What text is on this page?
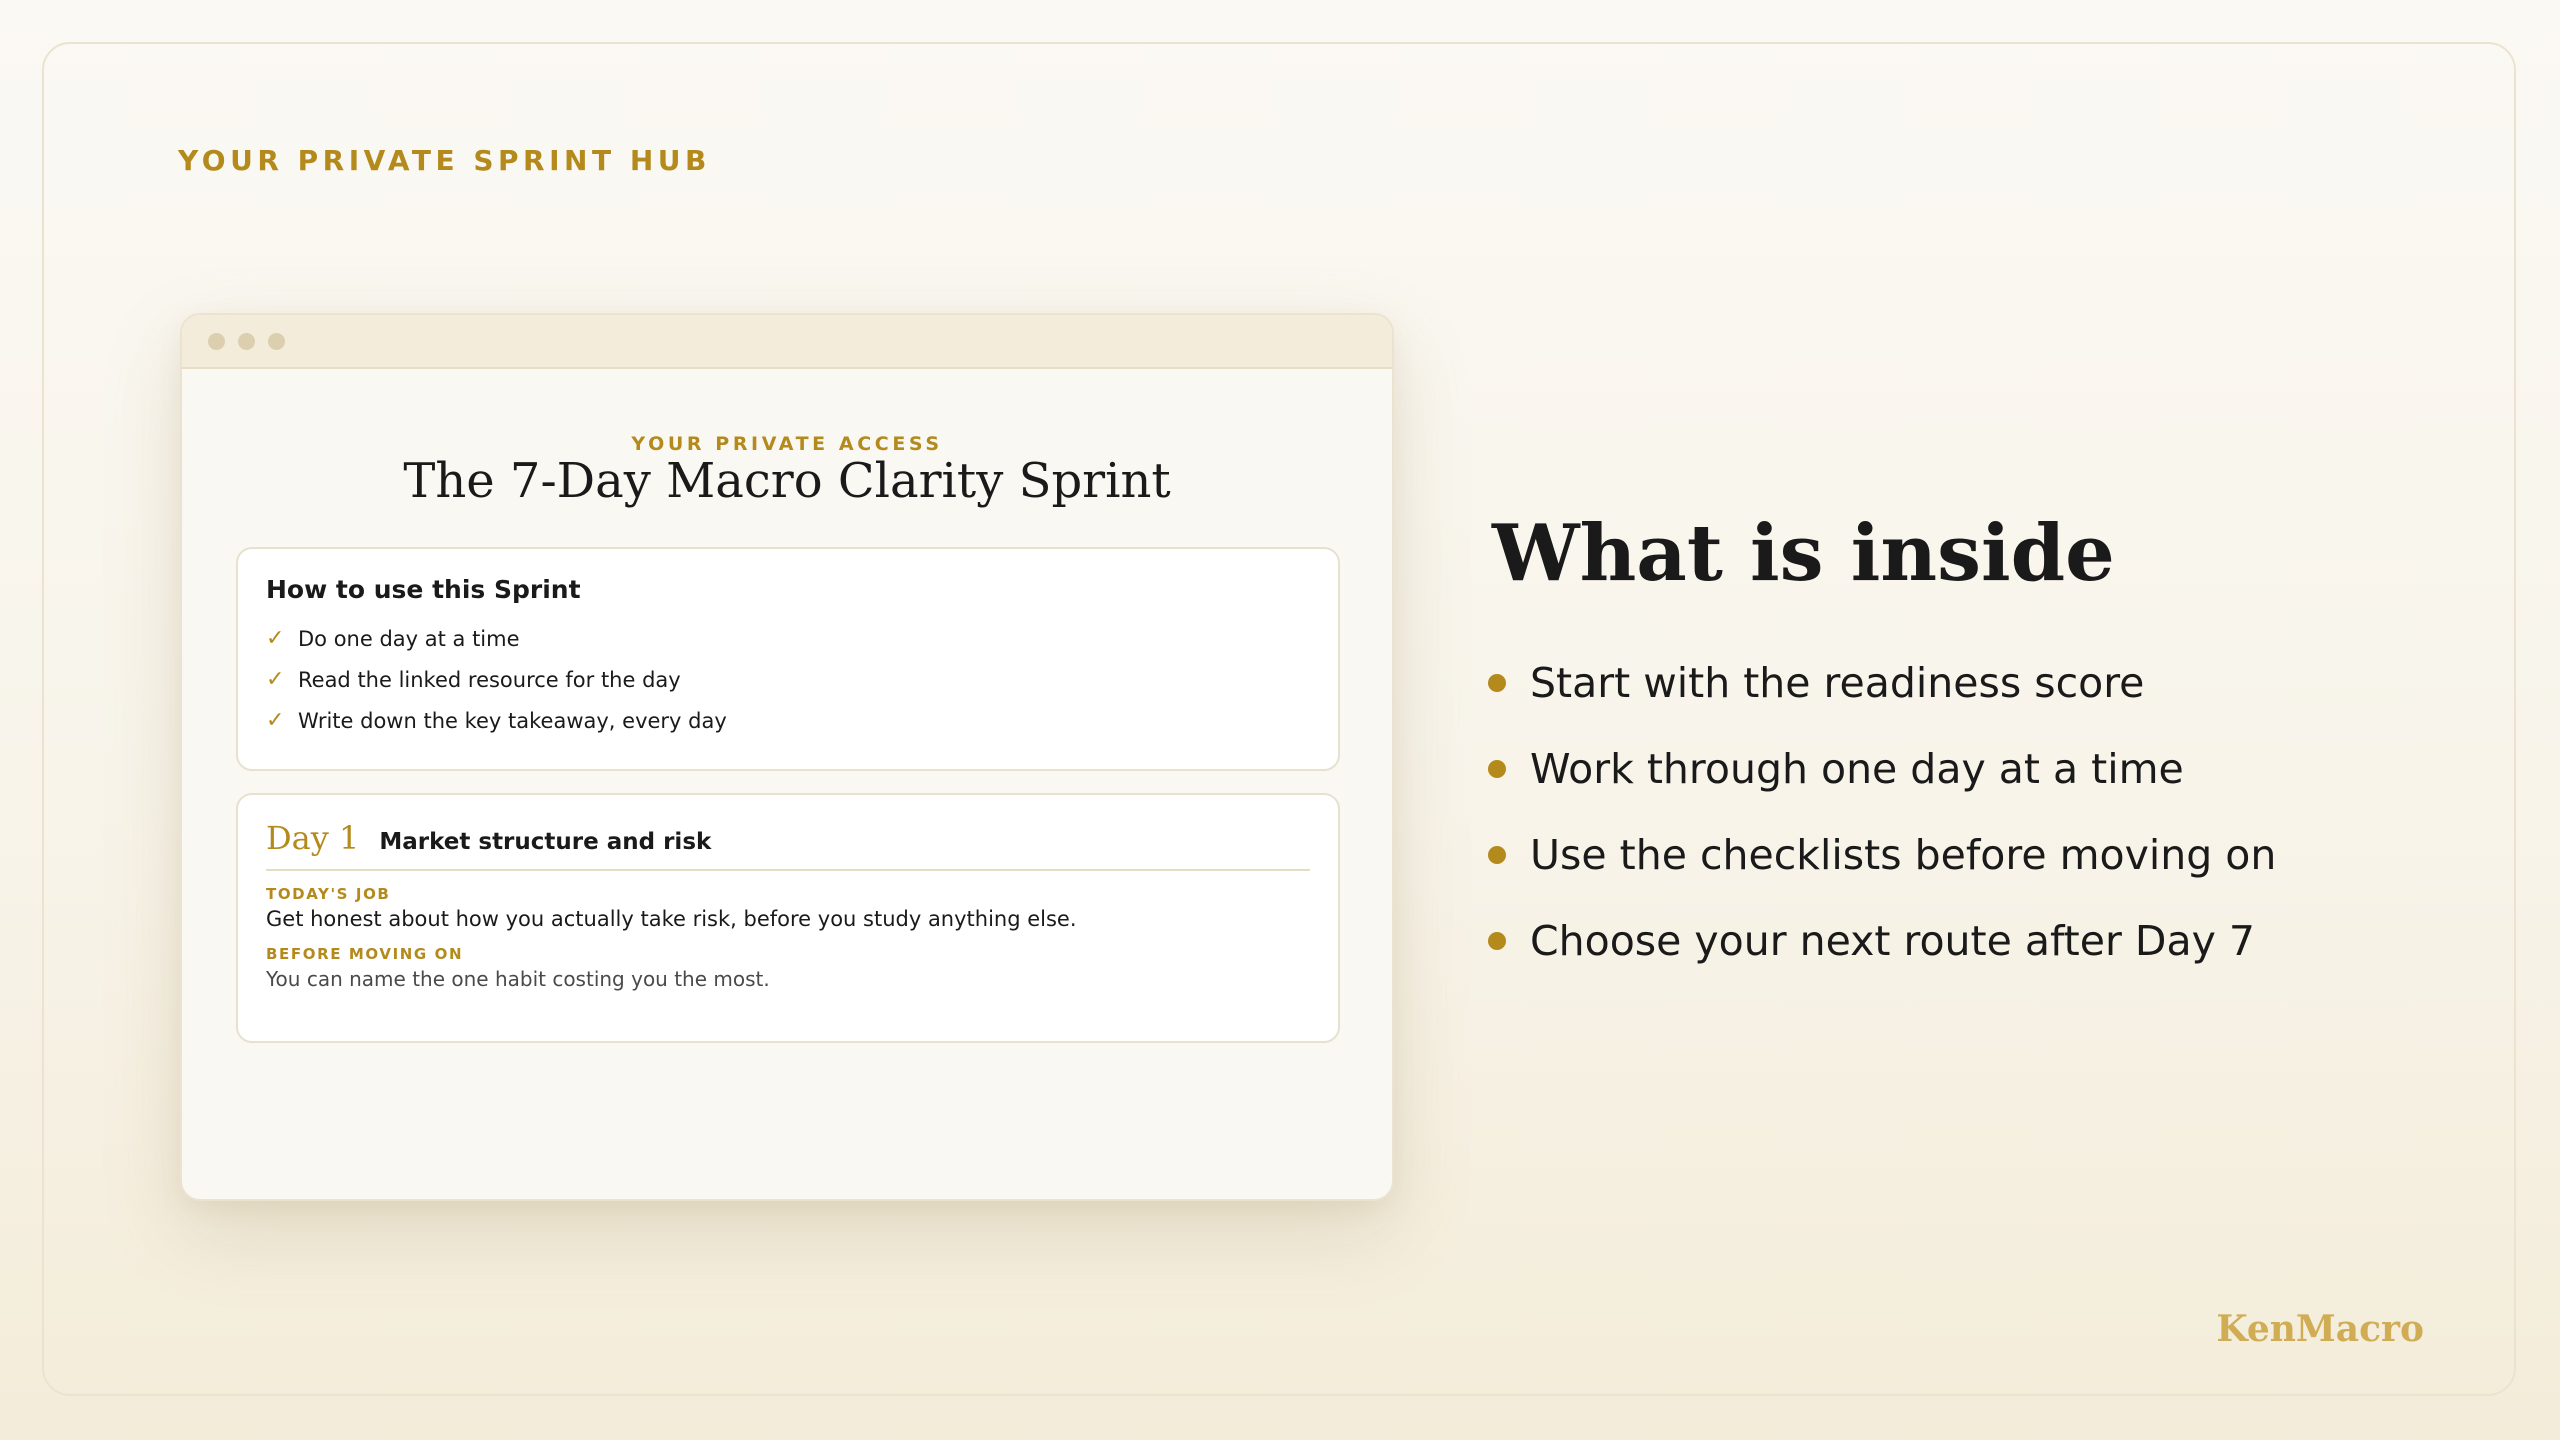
YOUR PRIVATE SPRINT HUB

YOUR PRIVATE ACCESS

The 7-Day Macro Clarity Sprint
How to use this Sprint
✓ Do one day at a time
✓ Read the linked resource for the day
✓ Write down the key takeaway, every day
Day 1 Market structure and risk

TODAY'S JOB

Get honest about how you actually take risk, before you study anything else.

BEFORE MOVING ON

You can name the one habit costing you the most.

What is inside
Start with the readiness score
Work through one day at a time
Use the checklists before moving on
Choose your next route after Day 7

KenMacro
